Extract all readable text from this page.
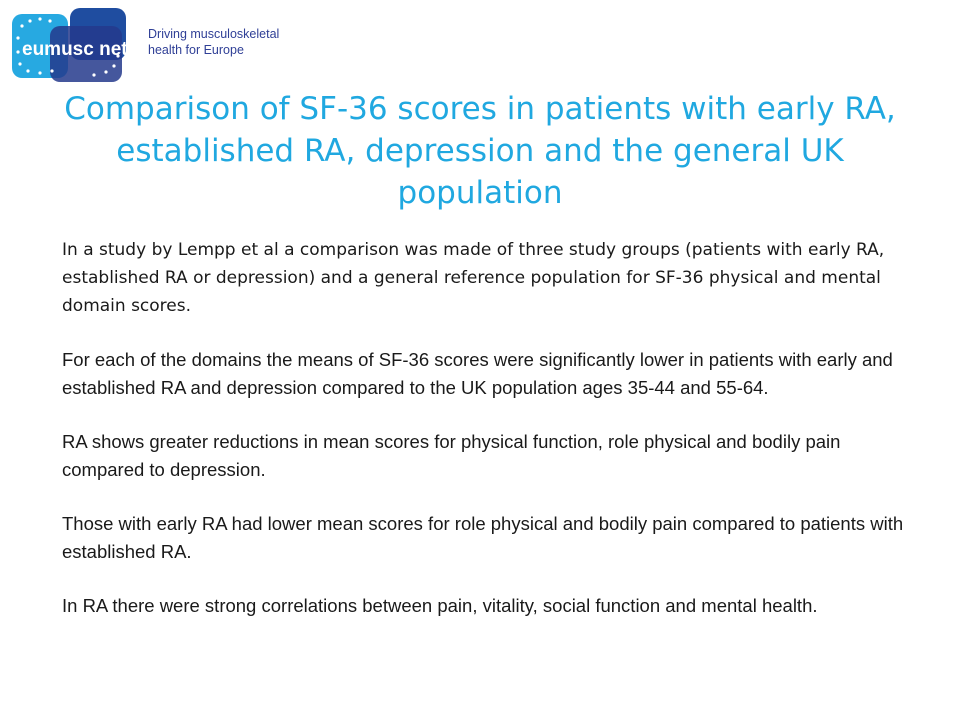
eumusc net
Driving musculoskeletal
health for Europe
Comparison of SF-36 scores in patients with early RA, established RA, depression and the general UK population

In a study by Lempp et al a comparison was made of three study groups (patients with early RA, established RA or depression) and a general reference population for SF-36 physical and mental domain scores.

For each of the domains the means of SF-36 scores were significantly lower in patients with early and established RA and depression compared to the UK population ages 35-44 and 55-64.

RA shows greater reductions in mean scores for physical function, role physical and bodily pain compared to depression.

Those with early RA had lower mean scores for role physical and bodily pain compared to patients with established RA.

In RA there were strong correlations between pain, vitality, social function and mental health.
